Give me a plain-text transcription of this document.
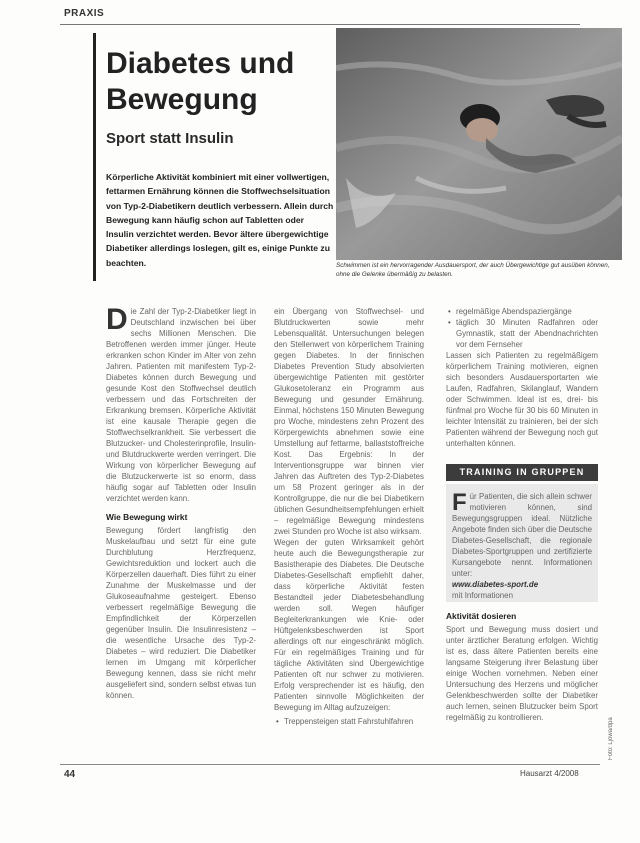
PRAXIS
Diabetes und
Bewegung
Sport statt Insulin
Körperliche Aktivität kombiniert mit einer vollwertigen, fettarmen Ernährung können die Stoffwechselsituation von Typ-2-Diabetikern deutlich verbessern. Allein durch Bewegung kann häufig schon auf Tabletten oder Insulin verzichtet werden. Bevor ältere übergewichtige Diabetiker allerdings loslegen, gilt es, einige Punkte zu beachten.	Schwimmen ist ein hervorragender Ausdauersport, der auch Übergewichtige gut ausüben können, ohne die Gelenke übermäßig zu belasten.

Die Zahl der Typ-2-Diabetiker liegt in Deutschland inzwischen bei über sechs Millionen Menschen. Die Betroffenen werden immer jünger. Heute erkranken schon Kinder im Alter von zehn Jahren. Patienten mit manifestem Typ-2-Diabetes können durch Bewegung und gesunde Kost den Stoffwechsel deutlich verbessern und das Fortschreiten der Erkrankung bremsen. Körperliche Aktivität ist eine kausale Therapie gegen die Stoffwechselkrankheit. Sie verbessert die Blutzucker- und Cholesterinprofile, Insulin- und Blutdruckwerte werden verringert. Die Wirkung von körperlicher Bewegung auf die Blutzuckerwerte ist so enorm, dass häufig sogar auf Tabletten oder Insulin verzichtet werden kann.

Wie Bewegung wirkt

Bewegung fördert langfristig den Muskelaufbau und setzt für eine gute Durchblutung Herzfrequenz, Gewichtsreduktion und lockert auch die Körperzellen dauerhaft. Dies führt zu einer Zunahme der Muskelmasse und der Glukoseaufnahme gesteigert. Ebenso verbessert regelmäßige Bewegung die Empfindlichkeit der Körperzellen gegenüber Insulin. Die Insulinresistenz – die wesentliche Ursache des Typ-2-Diabetes – wird reduziert. Die Diabetiker lernen im Umgang mit körperlicher Bewegung kennen, dass sie nicht mehr ausgeliefert sind, sondern selbst etwas tun können.

ein Übergang von Stoffwechsel- und Blutdruckwerten sowie mehr Lebensqualität. Untersuchungen belegen den Stellenwert von körperlichem Training gegen Diabetes. In der finnischen Diabetes Prevention Study absolvierten übergewichtige Patienten mit gestörter Glukosetoleranz ein Programm aus Bewegung und gesunder Ernährung. Einmal, höchstens 150 Minuten Bewegung pro Woche, mindestens zehn Prozent des Körpergewichts abnehmen sowie eine Umstellung auf fettarme, ballaststoffreiche Kost. Das Ergebnis: In der Interventionsgruppe war binnen vier Jahren das Auftreten des Typ-2-Diabetes um 58 Prozent geringer als in der Kontrollgruppe, die nur die bei Diabetikern üblichen Gesundheitsempfehlungen erhielt – regelmäßige Bewegung mindestens zwei Stunden pro Woche ist also wirksam.

Wegen der guten Wirksamkeit gehört heute auch die Bewegungstherapie zur Basistherapie des Diabetes. Die Deutsche Diabetes-Gesellschaft empfiehlt daher, dass körperliche Aktivität festen Bestandteil jeder Diabetesbehandlung werden soll. Wegen häufiger Begleiterkrankungen wie Knie- oder Hüftgelenksbeschwerden ist Sport allerdings oft nur eingeschränkt möglich. Für ein regelmäßiges Training und für tägliche Aktivitäten sind Übergewichtige Patienten oft nur schwer zu motivieren. Erfolg versprechender ist es häufig, den Patienten sinnvolle Möglichkeiten der Bewegung im Alltag aufzuzeigen:

• Treppensteigen statt Fahrstuhlfahren
• regelmäßige Abendspaziergänge
• täglich 30 Minuten Radfahren oder Gymnastik, statt der Abendnachrichten vor dem Fernseher

Lassen sich Patienten zu regelmäßigem körperlichem Training motivieren, eignen sich besonders Ausdauersportarten wie Laufen, Radfahren, Skilanglauf, Wandern oder Schwimmen. Ideal ist es, drei- bis fünfmal pro Woche für 30 bis 60 Minuten in leichter Intensität zu trainieren, bei der sich Patienten während der Bewegung noch gut unterhalten können.

TRAINING IN GRUPPEN
Für Patienten, die sich allein schwer motivieren können, sind Bewegungsgruppen ideal. Nützliche Angebote finden sich über die Deutsche Diabetes-Gesellschaft, die regionale Diabetes-Sportgruppen und zertifizierte Kursangebote nennt. Informationen unter:
www.diabetes-sport.de
mit Informationen
Aktivität dosieren

Sport und Bewegung muss dosiert und unter ärztlicher Beratung erfolgen. Wichtig ist es, dass ältere Patienten bereits eine langsame Steigerung ihrer Belastung über einige Wochen vornehmen. Neben einer Untersuchung des Herzens und möglicher Gelenkbeschwerden sollte der Diabetiker auch lernen, seinen Blutzucker beim Sport regelmäßig zu kontrollieren.	Foto: Ljowa/dpa
44	Hausarzt 4/2008
